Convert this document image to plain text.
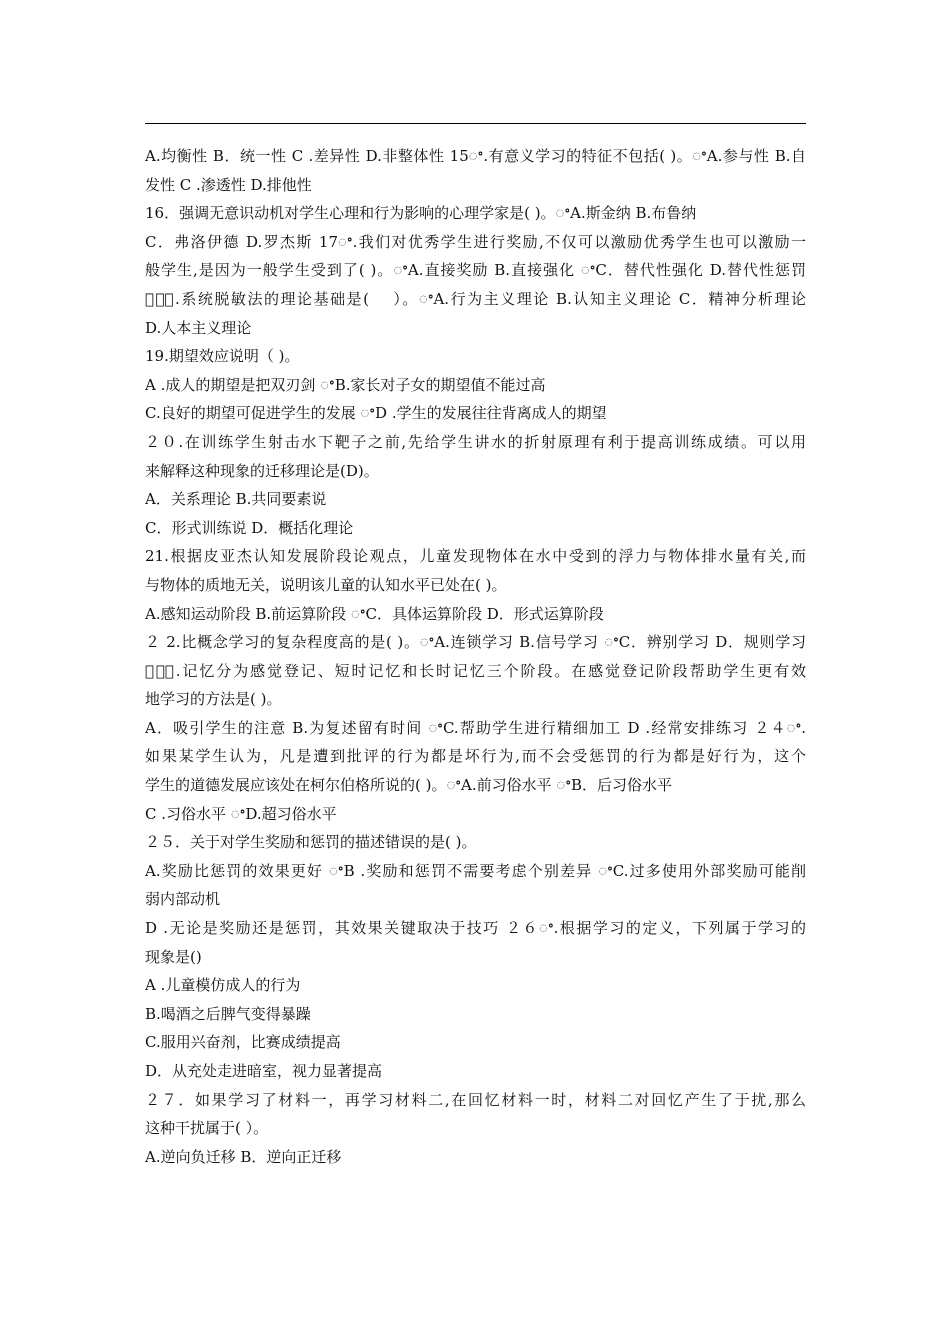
A.均衡性 B．统一性 C .差异性 D.非整体性 15ꢀ.有意义学习的特征不包括( )。ꢀA.参与性 B.自
发性 C .渗透性 D.排他性
16．强调无意识动机对学生心理和行为影响的心理学家是( )。ꢀA.斯金纳 B.布鲁纳
C．弗洛伊德 D.罗杰斯 17ꢀ.我们对优秀学生进行奖励,不仅可以激励优秀学生也可以激励一
般学生,是因为一般学生受到了( )。ꢀA.直接奖励 B.直接强化 ꢀC．替代性强化 D.替代性惩罚
１８ꢀ.系统脱敏法的理论基础是(　 ）。ꢀA.行为主义理论 B.认知主义理论 C．精神分析理论
D.人本主义理论
19.期望效应说明（ )。
A .成人的期望是把双刃剑 ꢀB.家长对子女的期望值不能过高
C.良好的期望可促进学生的发展 ꢀD .学生的发展往往背离成人的期望
２０.在训练学生射击水下靶子之前,先给学生讲水的折射原理有利于提高训练成绩。可以用
来解释这种现象的迁移理论是(D)。
A．关系理论 B.共同要素说
C．形式训练说 D．概括化理论
21.根据皮亚杰认知发展阶段论观点，儿童发现物体在水中受到的浮力与物体排水量有关,而
与物体的质地无关，说明该儿童的认知水平已处在( )。
A.感知运动阶段 B.前运算阶段 ꢀC．具体运算阶段 D．形式运算阶段
２ 2.比概念学习的复杂程度高的是( )。ꢀA.连锁学习 B.信号学习 ꢀC．辨别学习 D．规则学习
２３ꢀ.记忆分为感觉登记、短时记忆和长时记忆三个阶段。在感觉登记阶段帮助学生更有效
地学习的方法是( )。
A．吸引学生的注意 B.为复述留有时间 ꢀC.帮助学生进行精细加工 D .经常安排练习 ２４ꢀ.
如果某学生认为，凡是遭到批评的行为都是坏行为,而不会受惩罚的行为都是好行为，这个
学生的道德发展应该处在柯尔伯格所说的( )。ꢀA.前习俗水平 ꢀB．后习俗水平
C .习俗水平 ꢀD.超习俗水平
２５．关于对学生奖励和惩罚的描述错误的是( )。
A.奖励比惩罚的效果更好 ꢀB .奖励和惩罚不需要考虑个别差异 ꢀC.过多使用外部奖励可能削
弱内部动机
D .无论是奖励还是惩罚，其效果关键取决于技巧 ２６ꢀ.根据学习的定义，下列属于学习的
现象是()
A .儿童模仿成人的行为
B.喝酒之后脾气变得暴躁
C.服用兴奋剂，比赛成绩提高
D．从充处走进暗室，视力显著提高
２７．如果学习了材料一，再学习材料二,在回忆材料一时，材料二对回忆产生了于扰,那么
这种干扰属于( ）。
A.逆向负迁移 B．逆向正迁移
